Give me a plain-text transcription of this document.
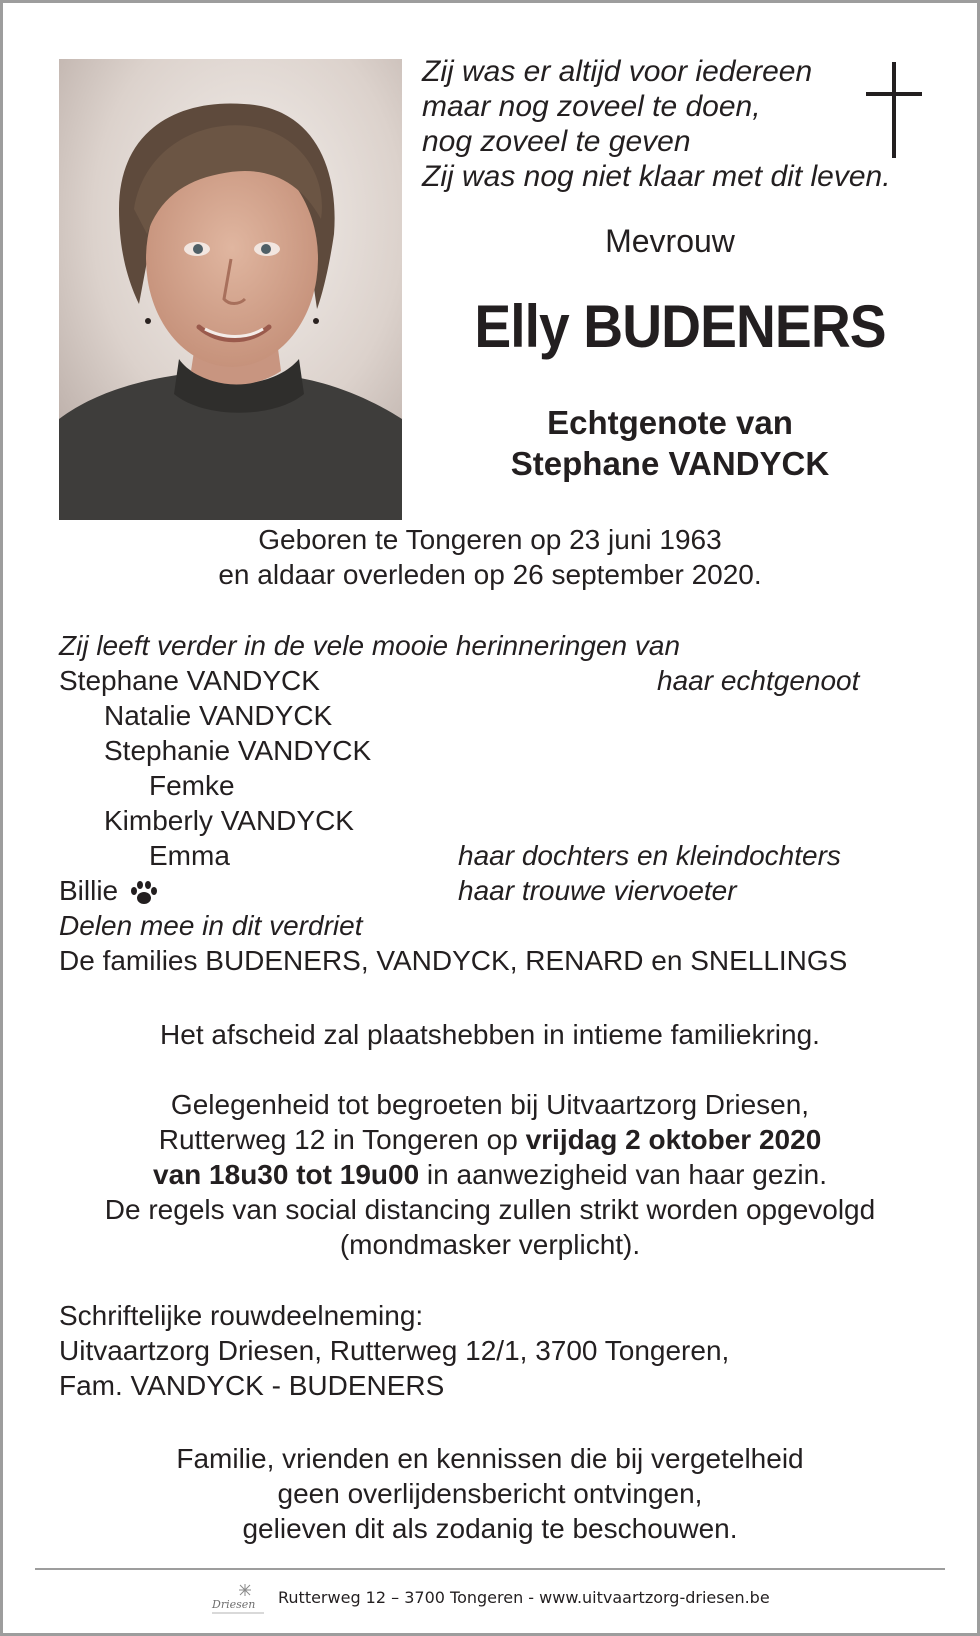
Zij was er altijd voor iedereen
maar nog zoveel te doen,
nog zoveel te geven
Zij was nog niet klaar met dit leven.
Mevrouw
Elly BUDENERS
Echtgenote van
Stephane VANDYCK
Geboren te Tongeren op 23 juni 1963
en aldaar overleden op 26 september 2020.
Zij leeft verder in de vele mooie herinneringen van
Stephane VANDYCK	haar echtgenoot
Natalie VANDYCK
Stephanie VANDYCK
Femke
Kimberly VANDYCK
Emma	haar dochters en kleindochters
Billie	haar trouwe viervoeter
Delen mee in dit verdriet
De families BUDENERS, VANDYCK, RENARD en SNELLINGS
Het afscheid zal plaatshebben in intieme familiekring.
Gelegenheid tot begroeten bij Uitvaartzorg Driesen,
Rutterweg 12 in Tongeren op vrijdag 2 oktober 2020
van 18u30 tot 19u00 in aanwezigheid van haar gezin.
De regels van social distancing zullen strikt worden opgevolgd
(mondmasker verplicht).
Schriftelijke rouwdeelneming:
Uitvaartzorg Driesen, Rutterweg 12/1, 3700 Tongeren,
Fam. VANDYCK - BUDENERS
Familie, vrienden en kennissen die bij vergetelheid
geen overlijdensbericht ontvingen,
gelieven dit als zodanig te beschouwen.
Driesen Rutterweg 12 – 3700 Tongeren - www.uitvaartzorg-driesen.be
